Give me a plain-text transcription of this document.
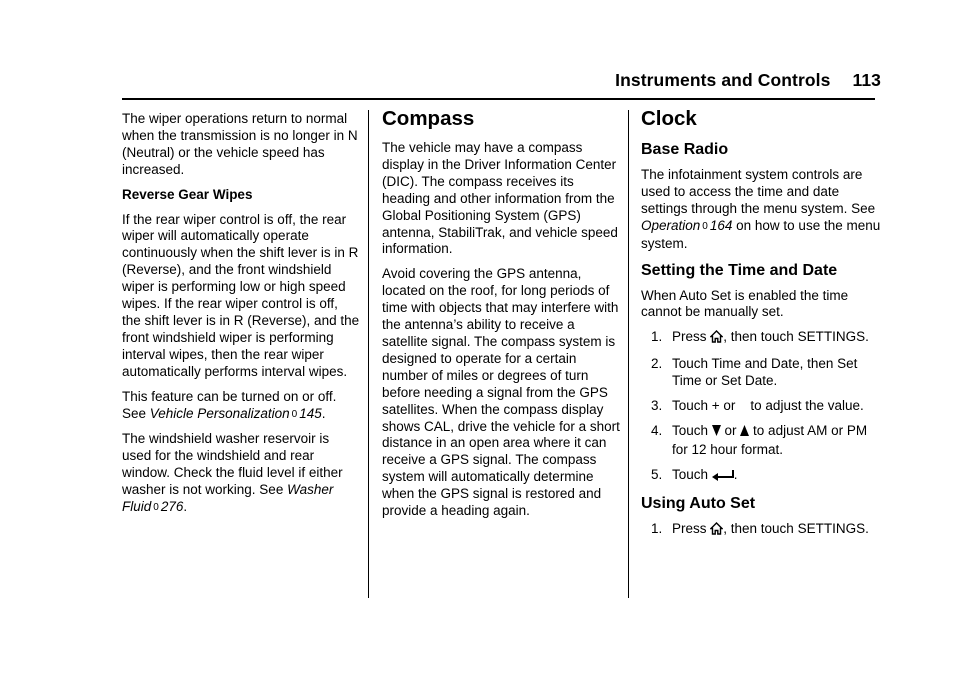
Instruments and Controls 113

The wiper operations return to normal when the transmission is no longer in N (Neutral) or the vehicle speed has increased.

Reverse Gear Wipes

If the rear wiper control is off, the rear wiper will automatically operate continuously when the shift lever is in R (Reverse), and the front windshield wiper is performing low or high speed wipes. If the rear wiper control is off, the shift lever is in R (Reverse), and the front windshield wiper is performing interval wipes, then the rear wiper automatically performs interval wipes.

This feature can be turned on or off. See Vehicle Personalization 0 145.

The windshield washer reservoir is used for the windshield and rear window. Check the fluid level if either washer is not working. See Washer Fluid 0 276.

Compass

The vehicle may have a compass display in the Driver Information Center (DIC). The compass receives its heading and other information from the Global Positioning System (GPS) antenna, StabiliTrak, and vehicle speed information.

Avoid covering the GPS antenna, located on the roof, for long periods of time with objects that may interfere with the antenna’s ability to receive a satellite signal. The compass system is designed to operate for a certain number of miles or degrees of turn before needing a signal from the GPS satellites. When the compass display shows CAL, drive the vehicle for a short distance in an open area where it can receive a GPS signal. The compass system will automatically determine when the GPS signal is restored and provide a heading again.

Clock
Base Radio

The infotainment system controls are used to access the time and date settings through the menu system. See Operation 0 164 on how to use the menu system.

Setting the Time and Date

When Auto Set is enabled the time cannot be manually set.

1. Press , then touch SETTINGS.
2. Touch Time and Date, then Set Time or Set Date.
3. Touch + or    to adjust the value.
4. Touch  or  to adjust AM or PM for 12 hour format.
5. Touch .
Using Auto Set
1. Press , then touch SETTINGS.
